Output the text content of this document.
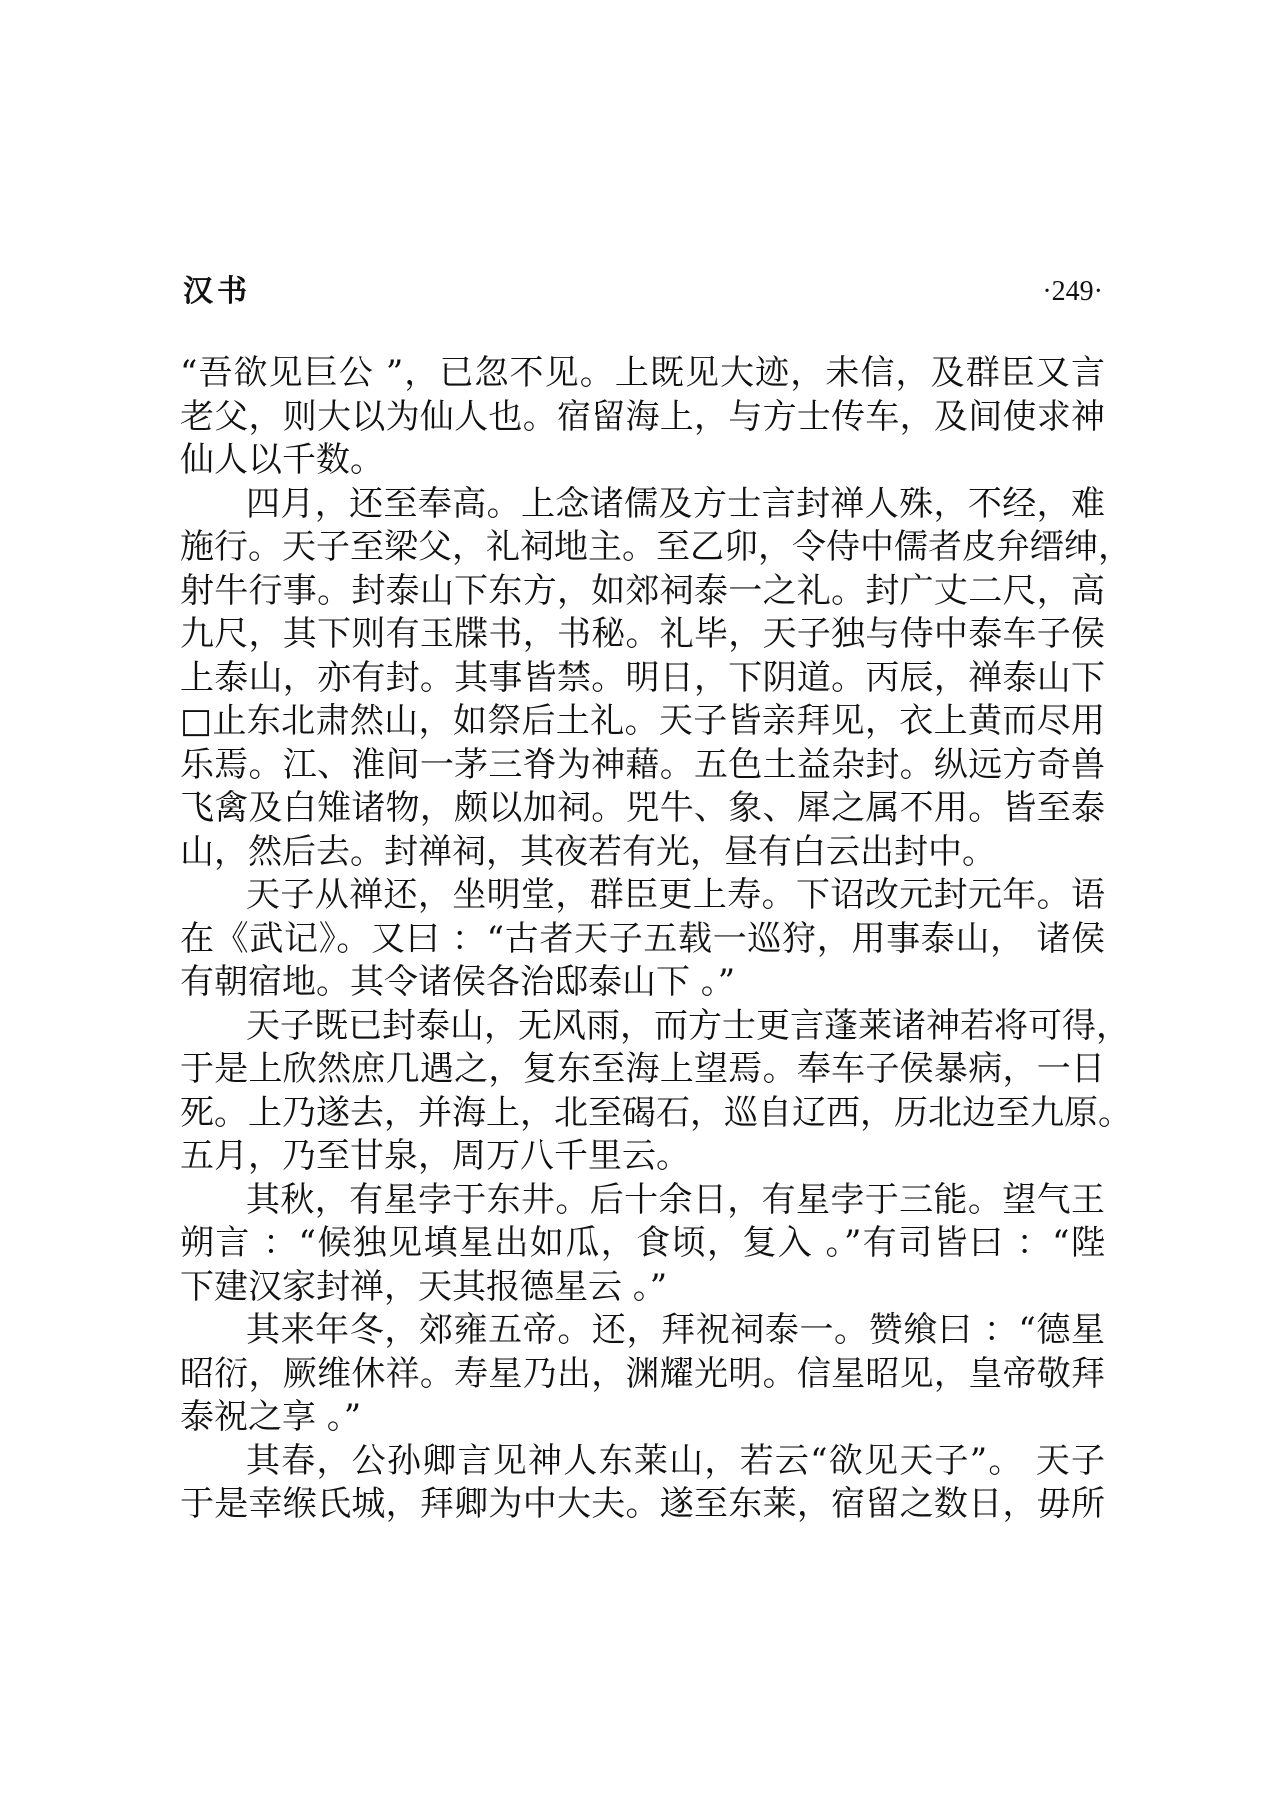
汉书	·249·
“吾欲见巨公 ”，已忽不见。上既见大迹，未信，及群臣又言
老父，则大以为仙人也。宿留海上，与方士传车，及间使求神
仙人以千数。
四月，还至奉高。上念诸儒及方士言封禅人殊，不经，难
施行。天子至梁父，礼祠地主。至乙卯，令侍中儒者皮弁缙绅，
射牛行事。封泰山下东方，如郊祠泰一之礼。封广丈二尺，高
九尺，其下则有玉牒书，书秘。礼毕，天子独与侍中泰车子侯
上泰山，亦有封。其事皆禁。明日，下阴道。丙辰，禅泰山下
□止东北肃然山，如祭后土礼。天子皆亲拜见，衣上黄而尽用
乐焉。江、淮间一茅三脊为神藉。五色土益杂封。纵远方奇兽
飞禽及白雉诸物，颇以加祠。兕牛、象、犀之属不用。皆至泰
山，然后去。封禅祠，其夜若有光，昼有白云出封中。
天子从禅还，坐明堂，群臣更上寿。下诏改元封元年。语
在《武记》。又曰 ：“古者天子五载一巡狩，用事泰山， 诸侯
有朝宿地。其令诸侯各治邸泰山下 。”
天子既已封泰山，无风雨，而方士更言蓬莱诸神若将可得，
于是上欣然庶几遇之，复东至海上望焉。奉车子侯暴病，一日
死。上乃遂去，并海上，北至碣石，巡自辽西，历北边至九原。
五月，乃至甘泉，周万八千里云。
其秋，有星孛于东井。后十余日，有星孛于三能。望气王
朔言 ：“候独见填星出如瓜，食顷，复入 。”有司皆曰 ：“陛
下建汉家封禅，天其报德星云 。”
其来年冬，郊雍五帝。还，拜祝祠泰一。赞飨曰 ：“德星
昭衍，厥维休祥。寿星乃出，渊耀光明。信星昭见，皇帝敬拜
泰祝之享 。”
其春，公孙卿言见神人东莱山，若云“欲见天子”。 天子
于是幸缑氏城，拜卿为中大夫。遂至东莱，宿留之数日，毋所
